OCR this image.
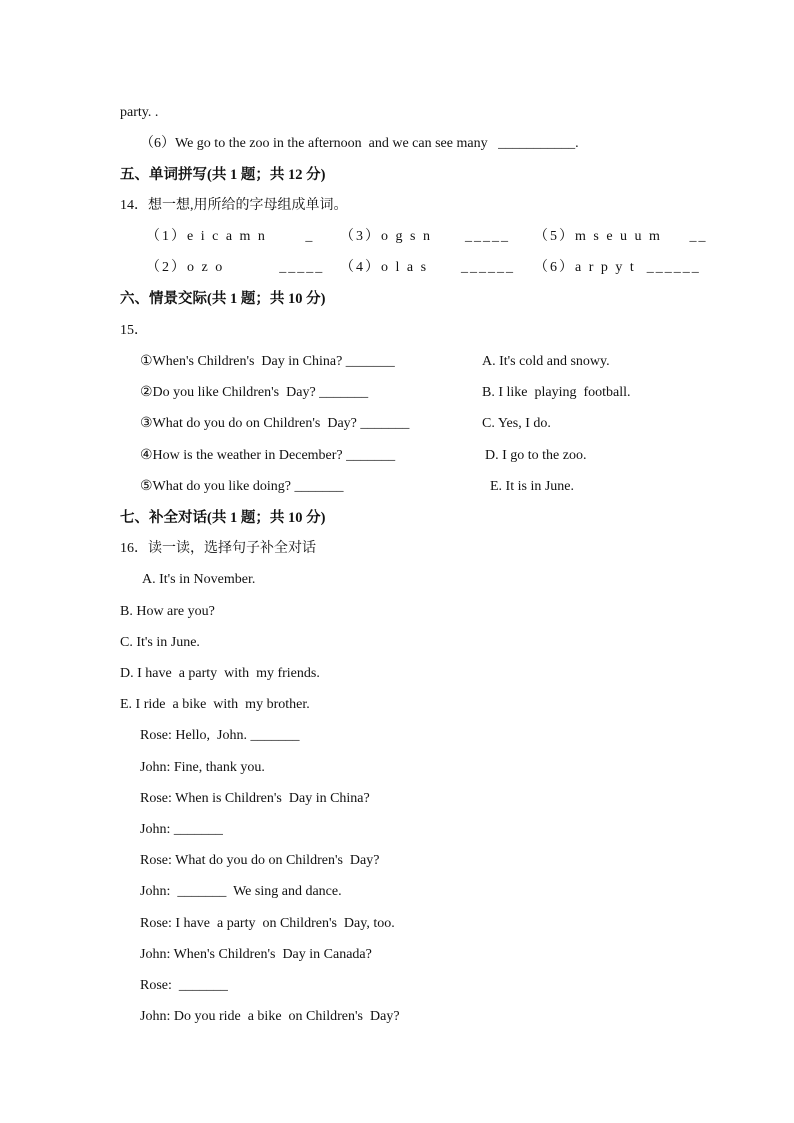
party. .
（6）We go to the zoo in the afternoon  and we can see many   ___________.
五、单词拼写(共 1 题；共 12 分)
14．想一想,用所给的字母组成单词。
（1）e i c a m n       _ （3）o g s n      _____ （5）m s e u u m     __
（2）o z o          _____ （4）o l a s      ______ （6）a r p y t  ______
六、情景交际(共 1 题；共 10 分)
15．
①When's Children's  Day in China? _______
②Do you like Children's  Day? _______
③What do you do on Children's  Day? _______
④How is the weather in December? _______
⑤What do you like doing? _______
A. It's cold and snowy.
B. I like  playing  football.
C. Yes, I do.
D. I go to the zoo.
E. It is in June.
七、补全对话(共 1 题；共 10 分)
16．读一读，选择句子补全对话
A. It's in November.
B. How are you?
C. It's in June.
D. I have  a party  with  my friends.
E. I ride  a bike  with  my brother.
Rose: Hello,  John. _______
John: Fine, thank you.
Rose: When is Children's  Day in China?
John: _______
Rose: What do you do on Children's  Day?
John:  _______  We sing and dance.
Rose: I have  a party  on Children's  Day, too.
John: When's Children's  Day in Canada?
Rose:  _______
John: Do you ride  a bike  on Children's  Day?
